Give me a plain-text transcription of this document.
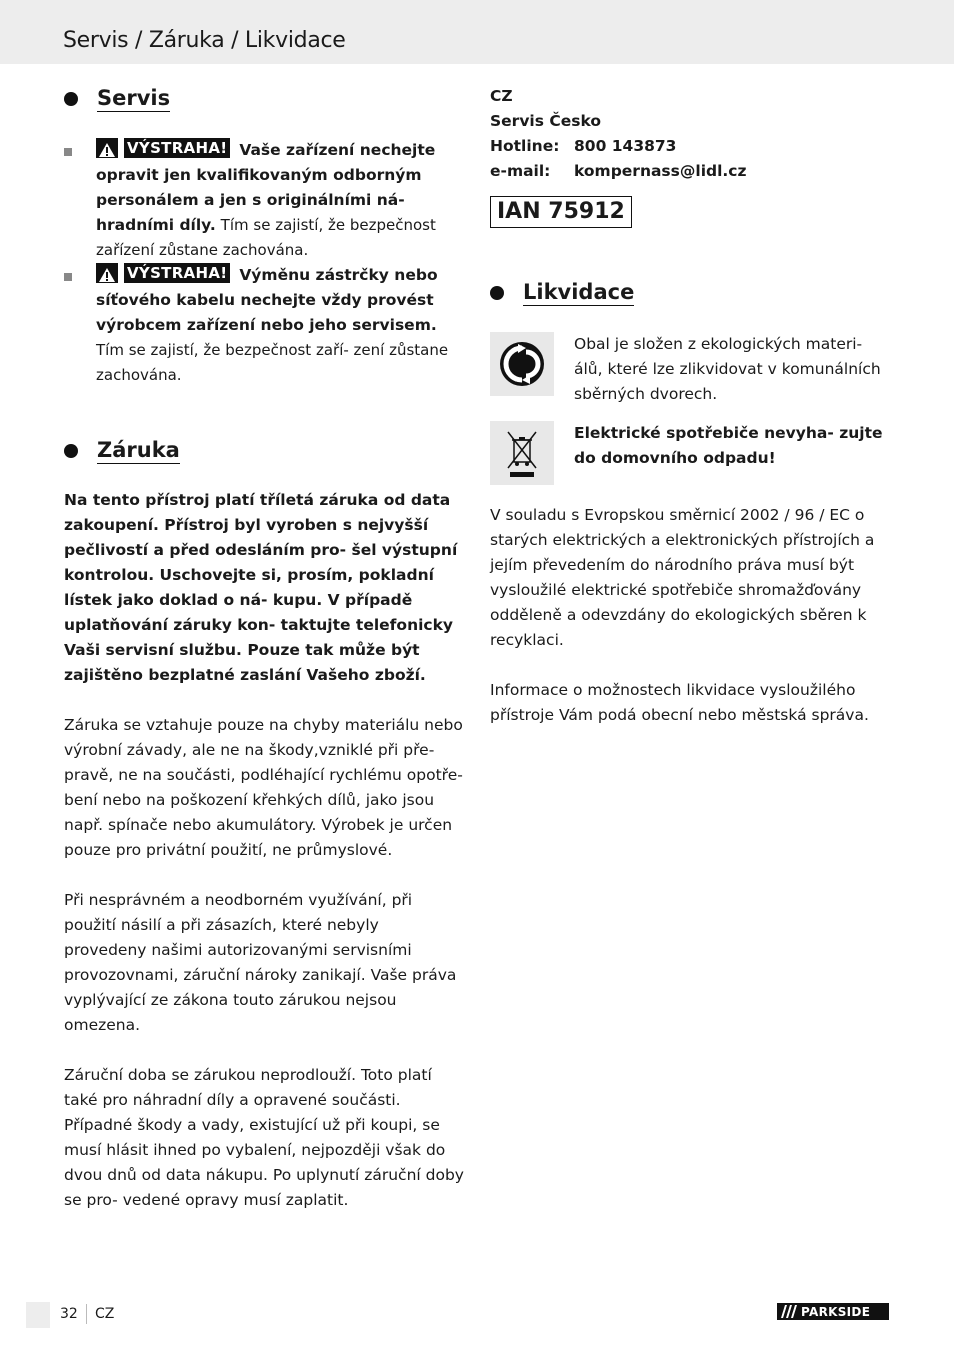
Servis / Záruka / Likvidace
Servis

VÝSTRAHA! Vaše zařízení nechejte opravit jen kvalifikovaným odborným personálem a jen s originálními ná- hradními díly. Tím se zajistí, že bezpečnost zařízení zůstane zachována.

VÝSTRAHA! Výměnu zástrčky nebo síťového kabelu nechejte vždy provést výrobcem zařízení nebo jeho servisem. Tím se zajistí, že bezpečnost zaří- zení zůstane zachována.

Záruka

Na tento přístroj platí tříletá záruka od data zakoupení. Přístroj byl vyroben s nejvyšší pečlivostí a před odesláním pro- šel výstupní kontrolou. Uschovejte si, prosím, pokladní lístek jako doklad o ná- kupu. V případě uplatňování záruky kon- taktujte telefonicky Vaši servisní službu. Pouze tak může být zajištěno bezplatné zaslání Vašeho zboží.

Záruka se vztahuje pouze na chyby materiálu nebo výrobní závady, ale ne na škody,vzniklé při pře- pravě, ne na součásti, podléhající rychlému opotře- bení nebo na poškození křehkých dílů, jako jsou např. spínače nebo akumulátory. Výrobek je určen pouze pro privátní použití, ne průmyslové.

Při nesprávném a neodborném využívání, při použití násilí a při zásazích, které nebyly provedeny našimi autorizovanými servisními provozovnami, záruční nároky zanikají. Vaše práva vyplývající ze zákona touto zárukou nejsou omezena.

Záruční doba se zárukou neprodlouží. Toto platí také pro náhradní díly a opravené součásti. Případné škody a vady, existující už při koupi, se musí hlásit ihned po vybalení, nejpozději však do dvou dnů od data nákupu. Po uplynutí záruční doby se pro- vedené opravy musí zaplatit.

CZ

Servis Česko

Hotline: 800 143873

e-mail: kompernass@lidl.cz

IAN 75912
Likvidace

Obal je složen z ekologických materi- álů, které lze zlikvidovat v komunálních sběrných dvorech.

Elektrické spotřebiče nevyha- zujte do domovního odpadu!

V souladu s Evropskou směrnicí 2002 / 96 / EC o starých elektrických a elektronických přístrojích a jejím převedením do národního práva musí být vysloužilé elektrické spotřebiče shromažďovány odděleně a odevzdány do ekologických sběren k recyklaci.

Informace o možnostech likvidace vysloužilého přístroje Vám podá obecní nebo městská správa.

32 CZ	PARKSIDE
